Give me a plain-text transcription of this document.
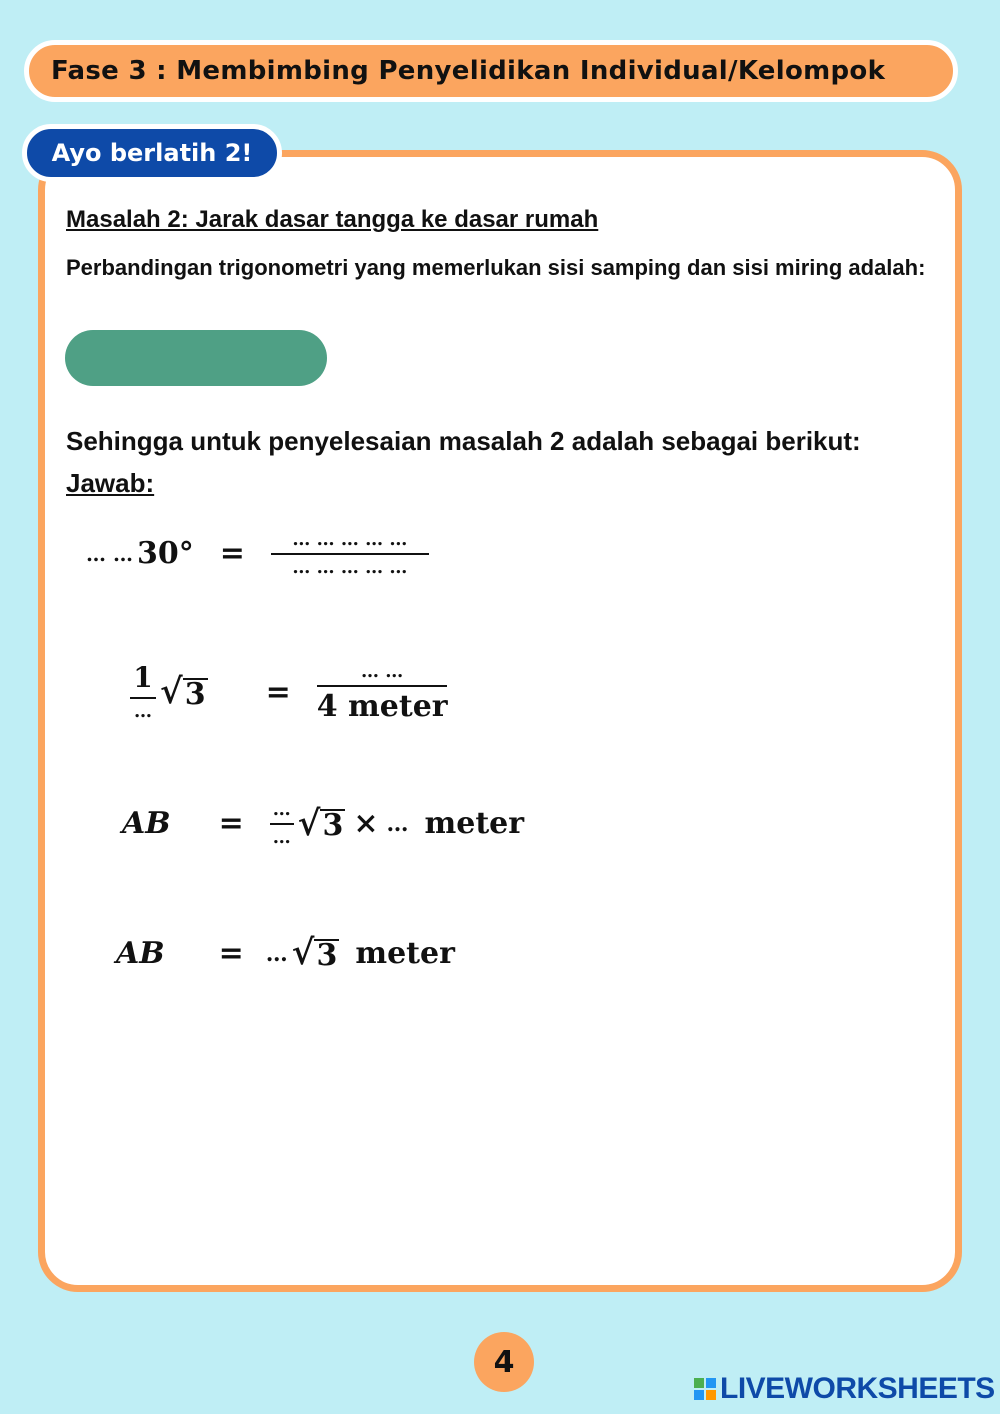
Fase 3 : Membimbing Penyelidikan Individual/Kelompok
Ayo berlatih 2!
Masalah 2: Jarak dasar tangga ke dasar rumah
Perbandingan trigonometri yang memerlukan sisi samping dan sisi miring adalah:
Sehingga untuk penyelesaian masalah 2 adalah sebagai berikut:
Jawab:
… … $30^\circ = \frac{\dots \dots \dots \dots \dots}{\dots \dots \dots \dots \dots}$
$\frac{1}{\dots}$ √ $3 = \frac{\dots \dots}{\text{4 meter}}$
AB = $\frac{\dots}{\dots}$ √ 3 × … meter
AB = … √ 3 meter
4
LIVEWORKSHEETS
